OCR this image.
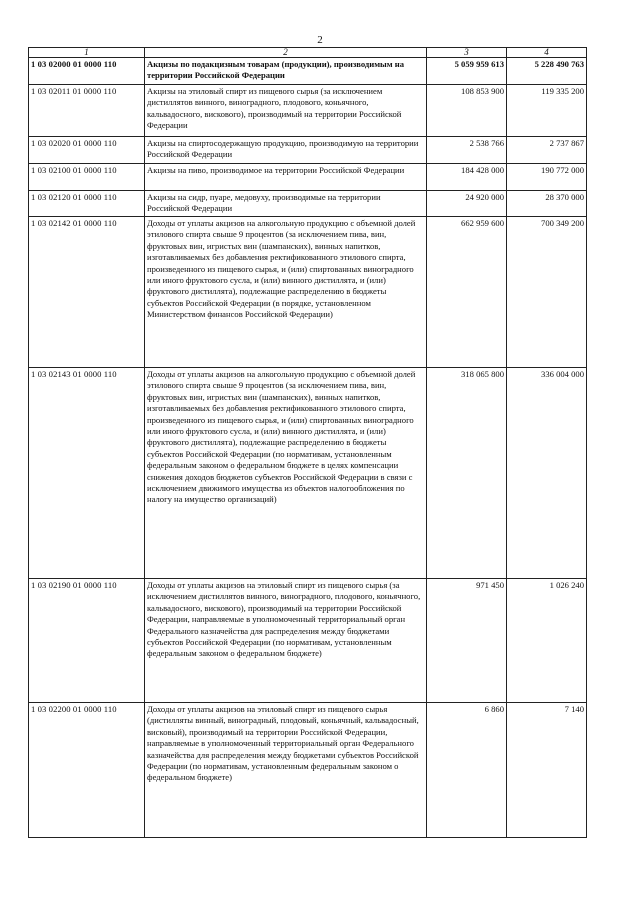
2
1	2	3	4
1 03 02000 01 0000 110	Акцизы по подакцизным товарам (продукции), производимым на территории Российской Федерации	5 059 959 613	5 228 490 763
1 03 02011 01 0000 110	Акцизы на этиловый спирт из пищевого сырья (за исключением дистиллятов винного, виноградного, плодового, коньячного, кальвадосного, вискового), производимый на территории Российской Федерации	108 853 900	119 335 200
1 03 02020 01 0000 110	Акцизы на спиртосодержащую продукцию, производимую на территории Российской Федерации	2 538 766	2 737 867
1 03 02100 01 0000 110	Акцизы на пиво, производимое на территории Российской Федерации	184 428 000	190 772 000
1 03 02120 01 0000 110	Акцизы на сидр, пуаре, медовуху, производимые на территории Российской Федерации	24 920 000	28 370 000
1 03 02142 01 0000 110	Доходы от уплаты акцизов на алкогольную продукцию с объемной долей этилового спирта свыше 9 процентов (за исключением пива, вин, фруктовых вин, игристых вин (шампанских), винных напитков, изготавливаемых без добавления ректификованного этилового спирта, произведенного из пищевого сырья, и (или) спиртованных виноградного или иного фруктового сусла, и (или) винного дистиллята, и (или) фруктового дистиллята), подлежащие распределению в бюджеты субъектов Российской Федерации (в порядке, установленном Министерством финансов Российской Федерации)	662 959 600	700 349 200
1 03 02143 01 0000 110	Доходы от уплаты акцизов на алкогольную продукцию с объемной долей этилового спирта свыше 9 процентов (за исключением пива, вин, фруктовых вин, игристых вин (шампанских), винных напитков, изготавливаемых без добавления ректификованного этилового спирта, произведенного из пищевого сырья, и (или) спиртованных виноградного или иного фруктового сусла, и (или) винного дистиллята, и (или) фруктового дистиллята), подлежащие распределению в бюджеты субъектов Российской Федерации (по нормативам, установленным федеральным законом о федеральном бюджете в целях компенсации снижения доходов бюджетов субъектов Российской Федерации в связи с исключением движимого имущества из объектов налогообложения по налогу на имущество организаций)	318 065 800	336 004 000
1 03 02190 01 0000 110	Доходы от уплаты акцизов на этиловый спирт из пищевого сырья (за исключением дистиллятов винного, виноградного, плодового, коньячного, кальвадосного, вискового), производимый на территории Российской Федерации, направляемые в уполномоченный территориальный орган Федерального казначейства для распределения между бюджетами субъектов Российской Федерации (по нормативам, установленным федеральным законом о федеральном бюджете)	971 450	1 026 240
1 03 02200 01 0000 110	Доходы от уплаты акцизов на этиловый спирт из пищевого сырья (дистилляты винный, виноградный, плодовый, коньячный, кальвадосный, висковый), производимый на территории Российской Федерации, направляемые в уполномоченный территориальный орган Федерального казначейства для распределения между бюджетами субъектов Российской Федерации (по нормативам, установленным федеральным законом о федеральном бюджете)	6 860	7 140
